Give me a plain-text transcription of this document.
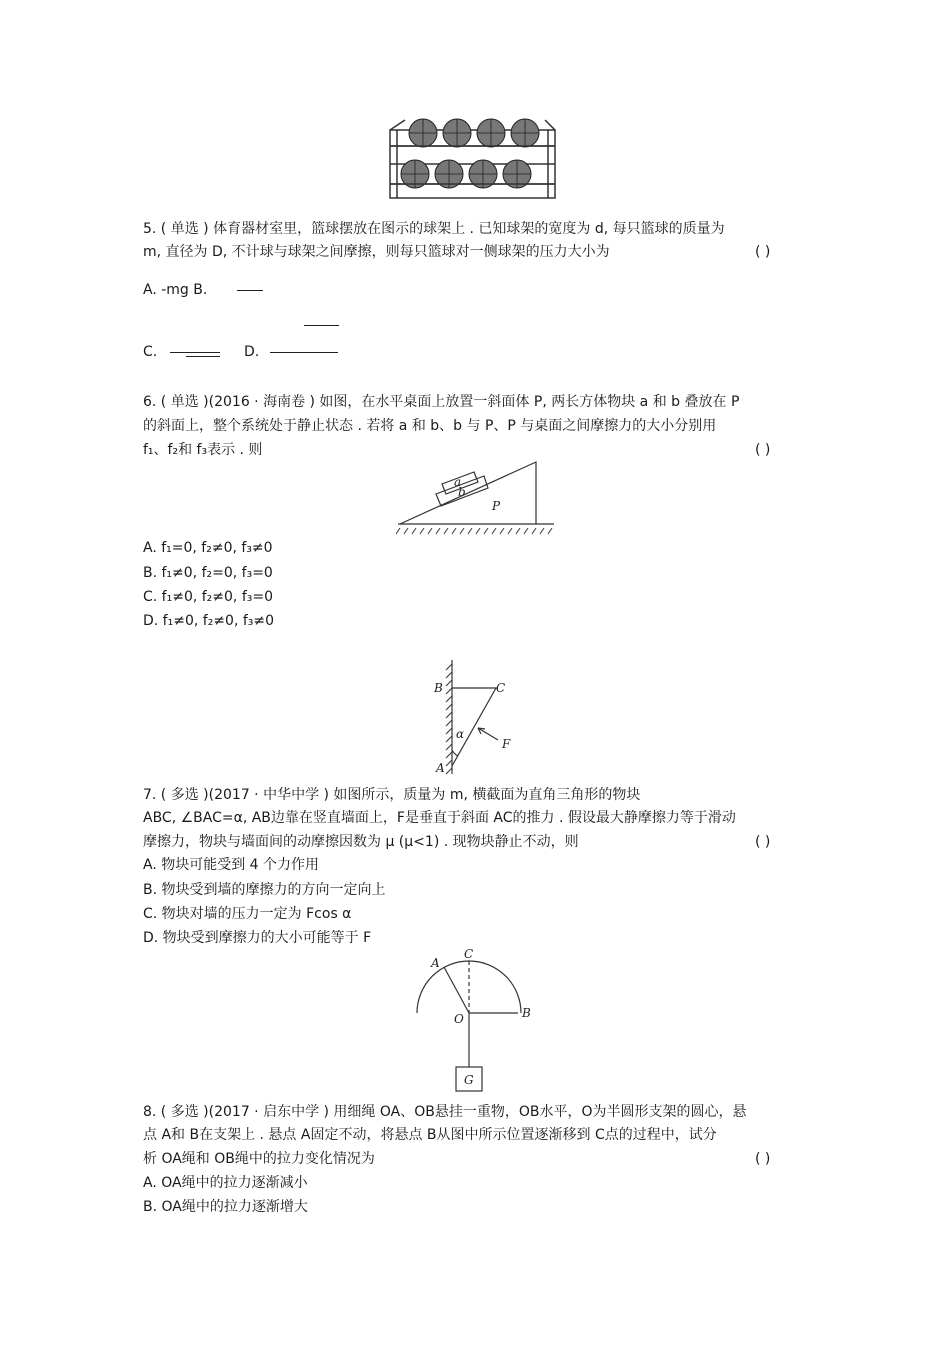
5. ( 单选 ) 体育器材室里，篮球摆放在图示的球架上 . 已知球架的宽度为 d, 每只篮球的质量为
m, 直径为 D, 不计球与球架之间摩擦，则每只篮球对一侧球架的压力大小为	( )
A. -mg B.
C.	D.
6. ( 单选 )(2016 · 海南卷 ) 如图，在水平桌面上放置一斜面体 P, 两长方体物块 a 和 b 叠放在 P
的斜面上，整个系统处于静止状态 . 若将 a 和 b、b 与 P、P 与桌面之间摩擦力的大小分别用
f₁、f₂和 f₃表示 . 则	( )
a
b
P
A. f₁=0, f₂≠0, f₃≠0
B. f₁≠0, f₂=0, f₃=0
C. f₁≠0, f₂≠0, f₃=0
D. f₁≠0, f₂≠0, f₃≠0
B	C
A
F
α
7. ( 多选 )(2017 · 中华中学 ) 如图所示，质量为 m, 横截面为直角三角形的物块
ABC, ∠BAC=α, AB边靠在竖直墙面上，F是垂直于斜面 AC的推力 . 假设最大静摩擦力等于滑动
摩擦力，物块与墙面间的动摩擦因数为 μ (μ<1) . 现物块静止不动，则	( )
A. 物块可能受到 4 个力作用
B. 物块受到墙的摩擦力的方向一定向上
C. 物块对墙的压力一定为 Fcos α
D. 物块受到摩擦力的大小可能等于 F
A
C
O	B
G
8. ( 多选 )(2017 · 启东中学 ) 用细绳 OA、OB悬挂一重物，OB水平，O为半圆形支架的圆心，悬
点 A和 B在支架上 . 悬点 A固定不动，将悬点 B从图中所示位置逐渐移到 C点的过程中，试分
析 OA绳和 OB绳中的拉力变化情况为	( )
A. OA绳中的拉力逐渐减小
B. OA绳中的拉力逐渐增大
